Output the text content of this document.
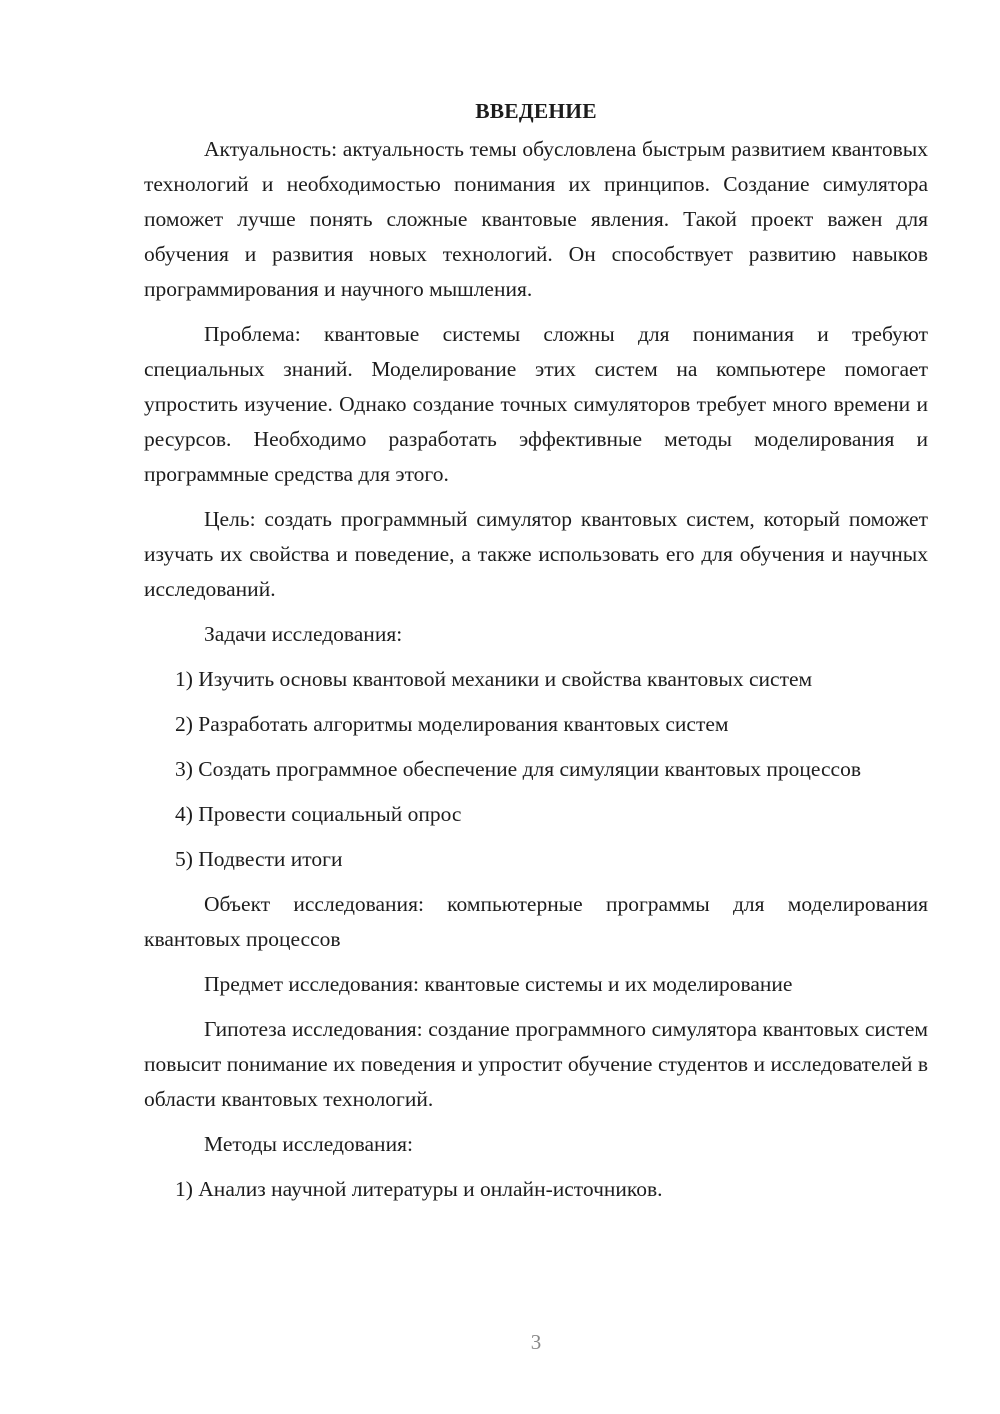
ВВЕДЕНИЕ
Актуальность: актуальность темы обусловлена быстрым развитием квантовых технологий и необходимостью понимания их принципов. Создание симулятора поможет лучше понять сложные квантовые явления. Такой проект важен для обучения и развития новых технологий. Он способствует развитию навыков программирования и научного мышления.
Проблема: квантовые системы сложны для понимания и требуют специальных знаний. Моделирование этих систем на компьютере помогает упростить изучение. Однако создание точных симуляторов требует много времени и ресурсов. Необходимо разработать эффективные методы моделирования и программные средства для этого.
Цель: создать программный симулятор квантовых систем, который поможет изучать их свойства и поведение, а также использовать его для обучения и научных исследований.
Задачи исследования:
1) Изучить основы квантовой механики и свойства квантовых систем
2) Разработать алгоритмы моделирования квантовых систем
3) Создать программное обеспечение для симуляции квантовых процессов
4) Провести социальный опрос
5) Подвести итоги
Объект исследования: компьютерные программы для моделирования квантовых процессов
Предмет исследования: квантовые системы и их моделирование
Гипотеза исследования: создание программного симулятора квантовых систем повысит понимание их поведения и упростит обучение студентов и исследователей в области квантовых технологий.
Методы исследования:
1) Анализ научной литературы и онлайн-источников.
3
